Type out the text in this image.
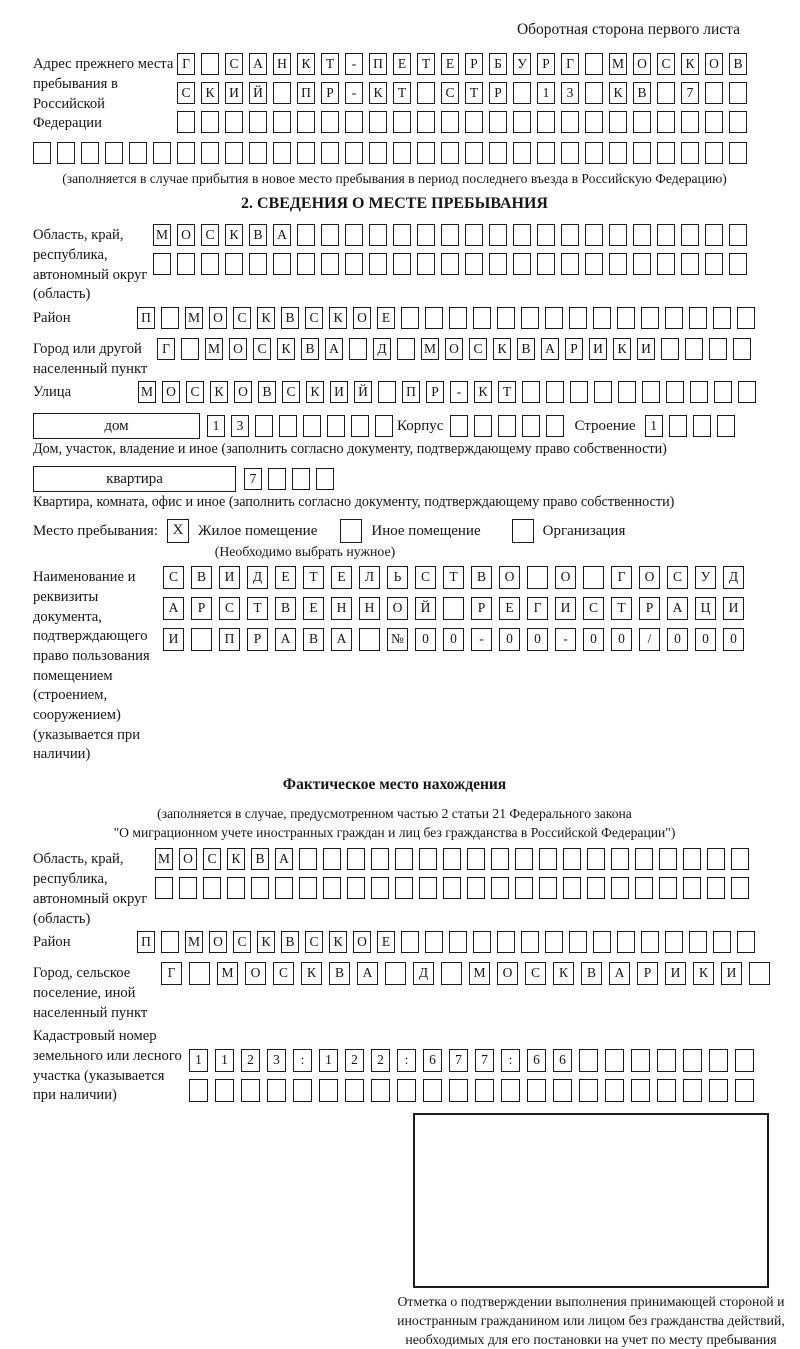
Оборотная сторона первого листа
Адрес прежнего места пребывания в Российской Федерации
Г	С	А	Н	К	Т	-	П	Е	Т	Е	Р	Б	У	Р	Г	М О	С	К	О	В
С	К	И	Й	П	Р	-	К	Т	С	Т	Р	1	3	К	В	7
(заполняется в случае прибытия в новое место пребывания в период последнего въезда в Российскую Федерацию)
2. СВЕДЕНИЯ О МЕСТЕ ПРЕБЫВАНИЯ
Область, край, республика, автономный округ (область)
М О	С	К	В	А
Район	П	М О	С	К	В	С	К	О	Е
Город или другой населенный пункт
Г	М О	С	К	В	А	Д	М О	С	К	В	А	Р	И	К	И
Улица	М О	С	К	О	В	С	К	И	Й	П	Р	-	К	Т
дом	1	3	Корпус	Строение	1
Дом, участок, владение и иное (заполнить согласно документу, подтверждающему право собственности)
квартира	7
Квартира, комната, офис и иное (заполнить согласно документу, подтверждающему право собственности)
Место пребывания: X Жилое помещение	Иное помещение	Организация
(Необходимо выбрать нужное)
Наименование и реквизиты документа, подтверждающего право пользования помещением (строением, сооружением) (указывается при наличии)
С	В	И	Д	Е	Т	Е	Л	Ь	С	Т	В	О	О	Г	О	С	У	Д
А	Р	С	Т	В	Е	Н	Н	О	Й	Р	Е	Г	И	С	Т	Р	А	Ц	И
И	П	Р	А	В	А	№	0	0	-	0	0	-	0	0	/	0	0	0
Фактическое место нахождения
(заполняется в случае, предусмотренном частью 2 статьи 21 Федерального закона
"О миграционном учете иностранных граждан и лиц без гражданства в Российской Федерации")
Область, край, республика, автономный округ (область)
М О	С	К	В	А
Район	П	М О	С	К	В	С	К	О	Е
Город, сельское поселение, иной населенный пункт
Г	М	О	С	К	В	А	Д	М	О	С	К	В	А	Р	И	К	И
Кадастровый номер земельного или лесного участка (указывается при наличии)
1	1	2	3	:	1	2	2	:	6	7	7	:	6	6
Отметка о подтверждении выполнения принимающей стороной и иностранным гражданином или лицом без гражданства действий, необходимых для его постановки на учет по месту пребывания
